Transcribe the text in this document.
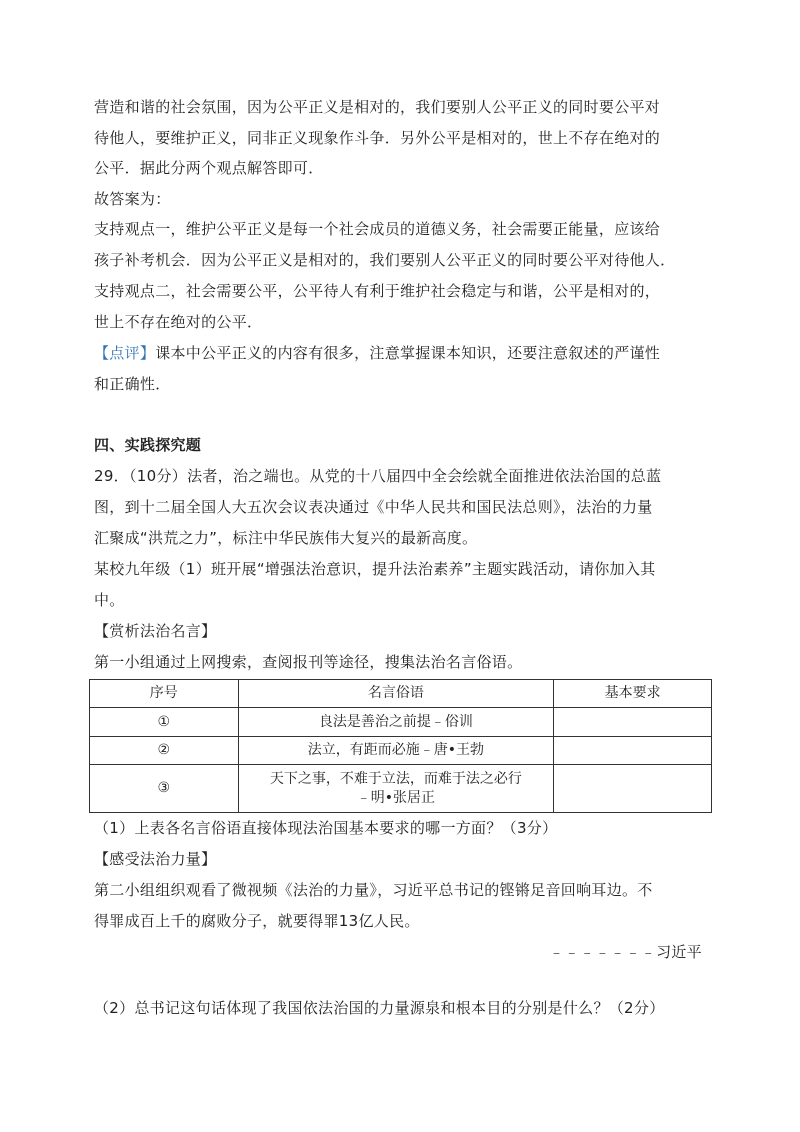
营造和谐的社会氛围，因为公平正义是相对的，我们要别人公平正义的同时要公平对
待他人，要维护正义，同非正义现象作斗争．另外公平是相对的，世上不存在绝对的
公平．据此分两个观点解答即可．
故答案为：
支持观点一，维护公平正义是每一个社会成员的道德义务，社会需要正能量，应该给
孩子补考机会．因为公平正义是相对的，我们要别人公平正义的同时要公平对待他人．
支持观点二，社会需要公平，公平待人有利于维护社会稳定与和谐，公平是相对的，
世上不存在绝对的公平．
【点评】课本中公平正义的内容有很多，注意掌握课本知识，还要注意叙述的严谨性
和正确性．
四、实践探究题
29．（10分）法者，治之端也。从党的十八届四中全会绘就全面推进依法治国的总蓝
图，到十二届全国人大五次会议表决通过《中华人民共和国民法总则》，法治的力量
汇聚成“洪荒之力”，标注中华民族伟大复兴的最新高度。
某校九年级（1）班开展“增强法治意识，提升法治素养”主题实践活动，请你加入其
中。
【赏析法治名言】
第一小组通过上网搜索，查阅报刊等途径，搜集法治名言俗语。
序号	名言俗语	基本要求
①	良法是善治之前提﹣俗训	

②	法立，有距而必施﹣唐•王勃	

③	天下之事，不难于立法，而难于法之必行
﹣明•张居正	

（1）上表各名言俗语直接体现法治国基本要求的哪一方面？（3分）
【感受法治力量】
第二小组组织观看了微视频《法治的力量》，习近平总书记的铿锵足音回响耳边。不
得罪成百上千的腐败分子，就要得罪13亿人民。
﹣﹣﹣﹣﹣﹣﹣习近平
（2）总书记这句话体现了我国依法治国的力量源泉和根本目的分别是什么？（2分）
